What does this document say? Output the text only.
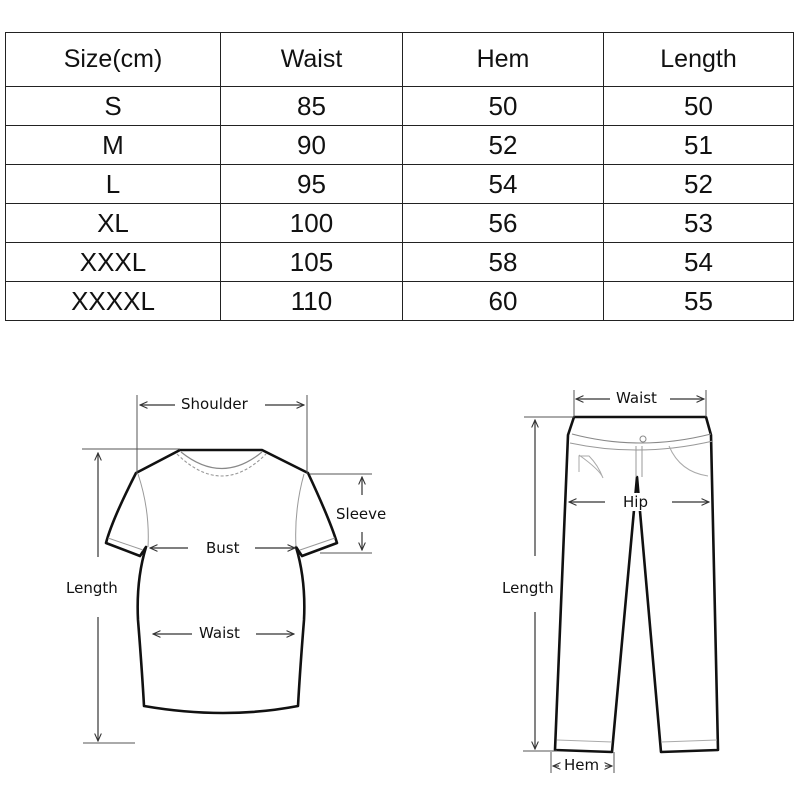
Size(cm)	Waist	Hem	Length
S	85	50	50
M	90	52	51
L	95	54	52
XL	100	56	53
XXXL	105	58	54
XXXXL	110	60	55
Shoulder
Sleeve
Bust
Length
Waist
Waist
Hip
Length
Hem
